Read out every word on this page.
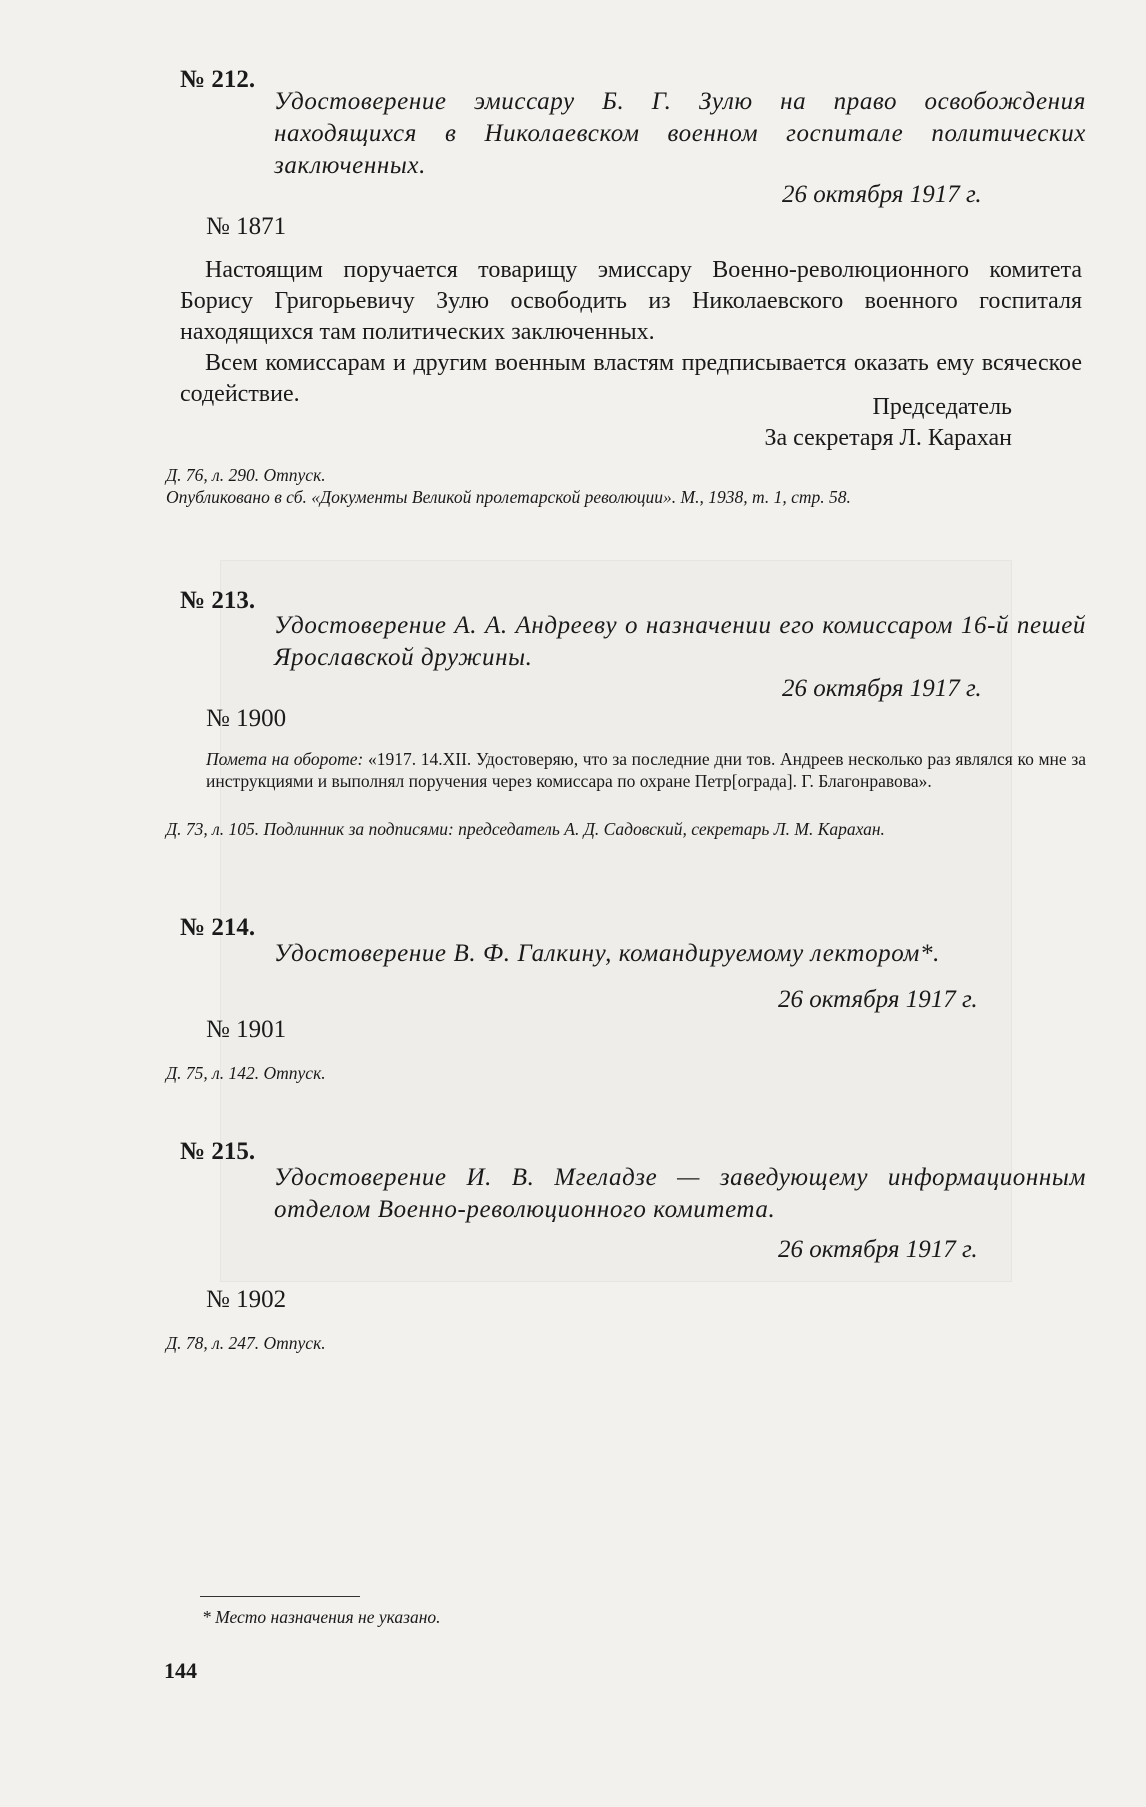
№ 212.
Удостоверение эмиссару Б. Г. Зулю на право освобождения находящихся в Николаевском военном госпитале политических заключенных.
26 октября 1917 г.
№ 1871

Настоящим поручается товарищу эмиссару Военно-революционного комитета Борису Григорьевичу Зулю освободить из Николаевского военного госпиталя находящихся там политических заключенных.

Всем комиссарам и другим военным властям предписывается оказать ему всяческое содействие.	Председатель
За секретаря Л. Карахан
Д. 76, л. 290. Отпуск.
Опубликовано в сб. «Документы Великой пролетарской революции». М., 1938, т. 1, стр. 58.
№ 213.
Удостоверение А. А. Андрееву о назначении его комиссаром 16-й пешей Ярославской дружины.
26 октября 1917 г.
№ 1900
Помета на обороте: «1917. 14.XII. Удостоверяю, что за последние дни тов. Андреев несколько раз являлся ко мне за инструкциями и выполнял поручения через комиссара по охране Петр[ограда]. Г. Благонравова».
Д. 73, л. 105. Подлинник за подписями: председатель А. Д. Садовский, секретарь Л. М. Карахан.
№ 214.
Удостоверение В. Ф. Галкину, командируемому лектором*.
26 октября 1917 г.
№ 1901
Д. 75, л. 142. Отпуск.
№ 215.
Удостоверение И. В. Мгеладзе — заведующему информационным отделом Военно-революционного комитета.
26 октября 1917 г.
№ 1902
Д. 78, л. 247. Отпуск.
* Место назначения не указано.
144
